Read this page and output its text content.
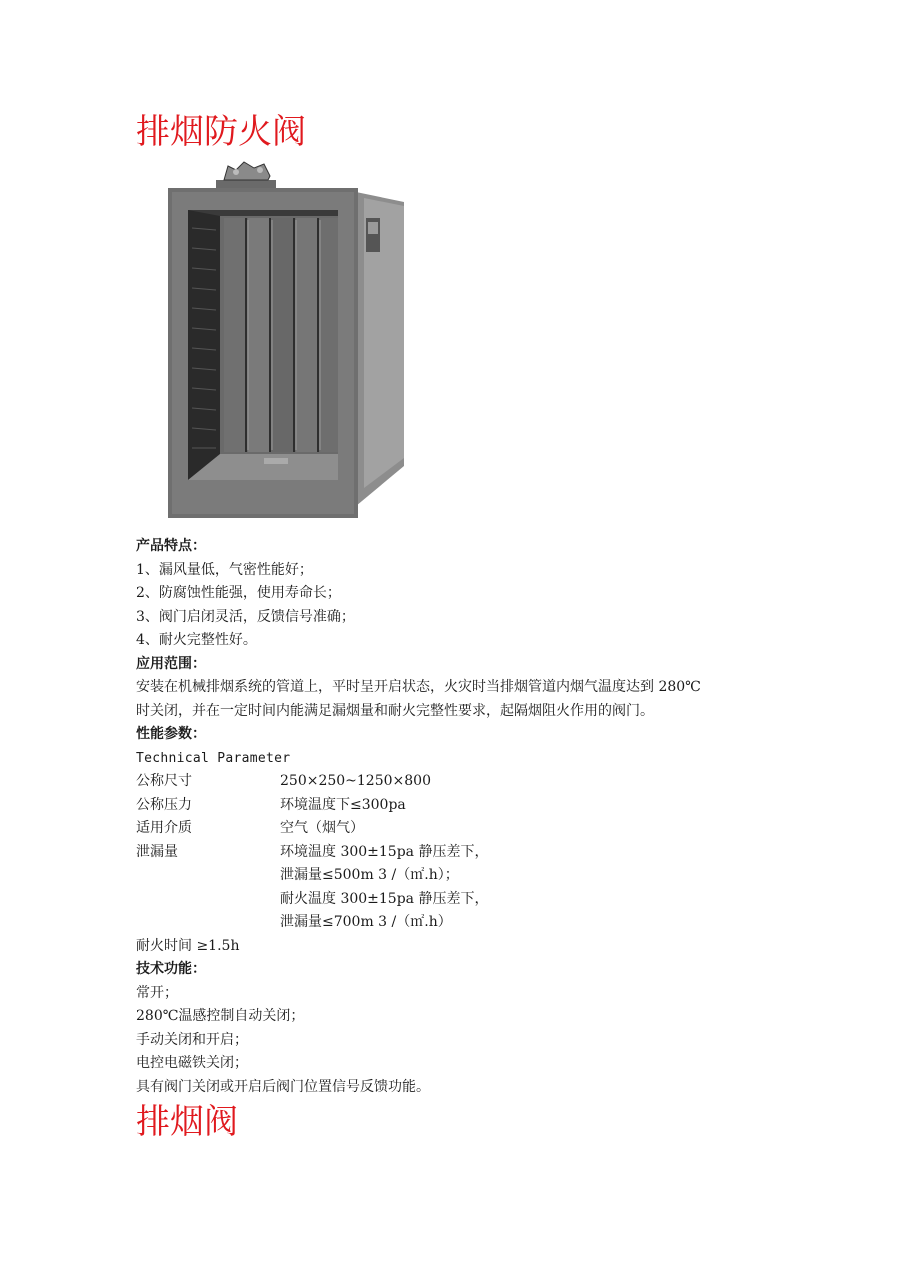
排烟防火阀
产品特点：
1、漏风量低，气密性能好；
2、防腐蚀性能强，使用寿命长；
3、阀门启闭灵活，反馈信号准确；
4、耐火完整性好。
应用范围：
安装在机械排烟系统的管道上，平时呈开启状态，火灾时当排烟管道内烟气温度达到 280℃
时关闭，并在一定时间内能满足漏烟量和耐火完整性要求，起隔烟阻火作用的阀门。
性能参数：
Technical Parameter
公称尺寸	250×250~1250×800
公称压力	环境温度下≤300pa
适用介质	空气（烟气）
泄漏量	环境温度 300±15pa 静压差下，
泄漏量≤500m 3 /（㎡.h）；
耐火温度 300±15pa 静压差下，
泄漏量≤700m 3 /（㎡.h）
耐火时间 ≥1.5h
技术功能：
常开；
280℃温感控制自动关闭；
手动关闭和开启；
电控电磁铁关闭；
具有阀门关闭或开启后阀门位置信号反馈功能。
排烟阀
